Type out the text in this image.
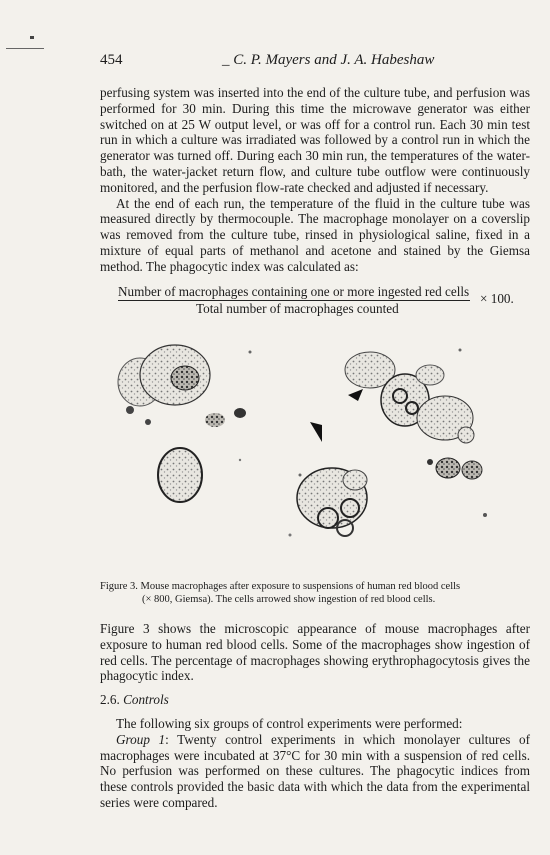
454	_ C. P. Mayers and J. A. Habeshaw

perfusing system was inserted into the end of the culture tube, and perfusion was performed for 30 min. During this time the microwave generator was either switched on at 25 W output level, or was off for a control run. Each 30 min test run in which a culture was irradiated was followed by a control run in which the generator was turned off. During each 30 min run, the temperatures of the water-bath, the water-jacket return flow, and culture tube outflow were continuously monitored, and the perfusion flow-rate checked and adjusted if necessary.

At the end of each run, the temperature of the fluid in the culture tube was measured directly by thermocouple. The macrophage monolayer on a coverslip was removed from the culture tube, rinsed in physiological saline, fixed in a mixture of equal parts of methanol and acetone and stained by the Giemsa method. The phagocytic index was calculated as:

Number of macrophages containing one or more ingested red cells
Total number of macrophages counted
× 100.
Figure 3. Mouse macrophages after exposure to suspensions of human red blood cells
(× 800, Giemsa). The cells arrowed show ingestion of red blood cells.

Figure 3 shows the microscopic appearance of mouse macrophages after exposure to human red blood cells. Some of the macrophages show ingestion of red cells. The percentage of macrophages showing erythrophagocytosis gives the phagocytic index.

2.6. Controls

The following six groups of control experiments were performed:

Group 1: Twenty control experiments in which monolayer cultures of macrophages were incubated at 37°C for 30 min with a suspension of red cells. No perfusion was performed on these cultures. The phagocytic indices from these controls provided the basic data with which the data from the experimental series were compared.
